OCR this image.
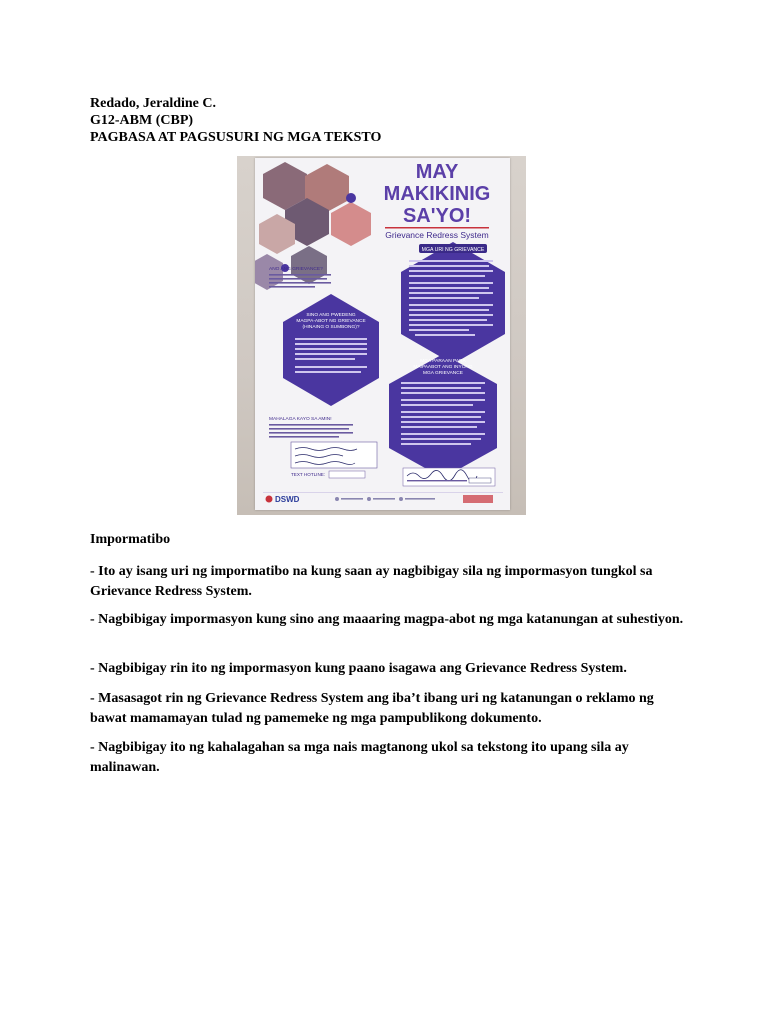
Redado, Jeraldine C.
G12-ABM (CBP)
PAGBASA AT PAGSUSURI NG MGA TEKSTO
MAY
MAKIKINIG
SA'YO!
Grievance Redress System
MGA URI NG GRIEVANCE
SINO ANG PWEDENG
MAGPA-ABOT NG GRIEVANCE
(HINAING O SUMBONG)?
MGA PARAAN PARA
MAIPAABOT ANG INYONG
MGA GRIEVANCE
ANO ANG GRIEVANCE?
MAHALAGA KAYO SA AMIN!
TEXT HOTLINE:
DSWD
Impormatibo
- Ito ay isang uri ng impormatibo na kung saan ay nagbibigay sila ng impormasyon tungkol sa Grievance Redress System.
- Nagbibigay impormasyon kung sino ang maaaring magpa-abot ng mga katanungan at suhestiyon.
- Nagbibigay rin ito ng impormasyon kung paano isagawa ang Grievance Redress System.
- Masasagot rin ng Grievance Redress System ang iba’t ibang uri ng katanungan o reklamo ng bawat mamamayan tulad ng pamemeke ng mga pampublikong dokumento.
- Nagbibigay ito ng kahalagahan sa mga nais magtanong ukol sa tekstong ito upang sila ay malinawan.
